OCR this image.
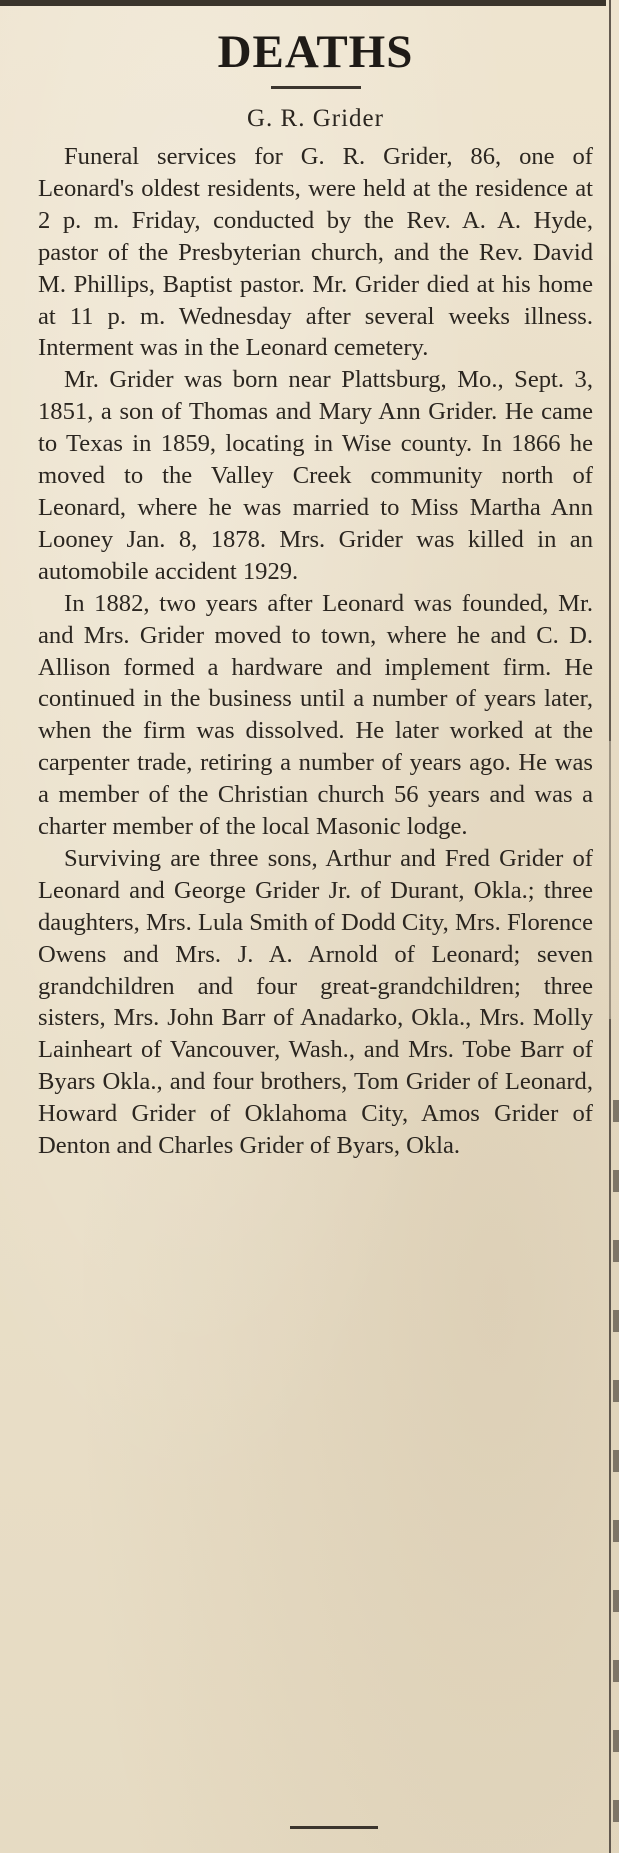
DEATHS
G. R. Grider

Funeral services for G. R. Grider, 86, one of Leonard's oldest residents, were held at the residence at 2 p. m. Friday, conducted by the Rev. A. A. Hyde, pastor of the Presbyterian church, and the Rev. David M. Phillips, Baptist pastor. Mr. Grider died at his home at 11 p. m. Wednesday after several weeks illness. Interment was in the Leonard cemetery.

Mr. Grider was born near Plattsburg, Mo., Sept. 3, 1851, a son of Thomas and Mary Ann Grider. He came to Texas in 1859, locating in Wise county. In 1866 he moved to the Valley Creek community north of Leonard, where he was married to Miss Martha Ann Looney Jan. 8, 1878. Mrs. Grider was killed in an automobile accident 1929.

In 1882, two years after Leonard was founded, Mr. and Mrs. Grider moved to town, where he and C. D. Allison formed a hardware and implement firm. He continued in the business until a number of years later, when the firm was dissolved. He later worked at the carpenter trade, retiring a number of years ago. He was a member of the Christian church 56 years and was a charter member of the local Masonic lodge.

Surviving are three sons, Arthur and Fred Grider of Leonard and George Grider Jr. of Durant, Okla.; three daughters, Mrs. Lula Smith of Dodd City, Mrs. Florence Owens and Mrs. J. A. Arnold of Leonard; seven grandchildren and four great-grandchildren; three sisters, Mrs. John Barr of Anadarko, Okla., Mrs. Molly Lainheart of Vancouver, Wash., and Mrs. Tobe Barr of Byars Okla., and four brothers, Tom Grider of Leonard, Howard Grider of Oklahoma City, Amos Grider of Denton and Charles Grider of Byars, Okla.
